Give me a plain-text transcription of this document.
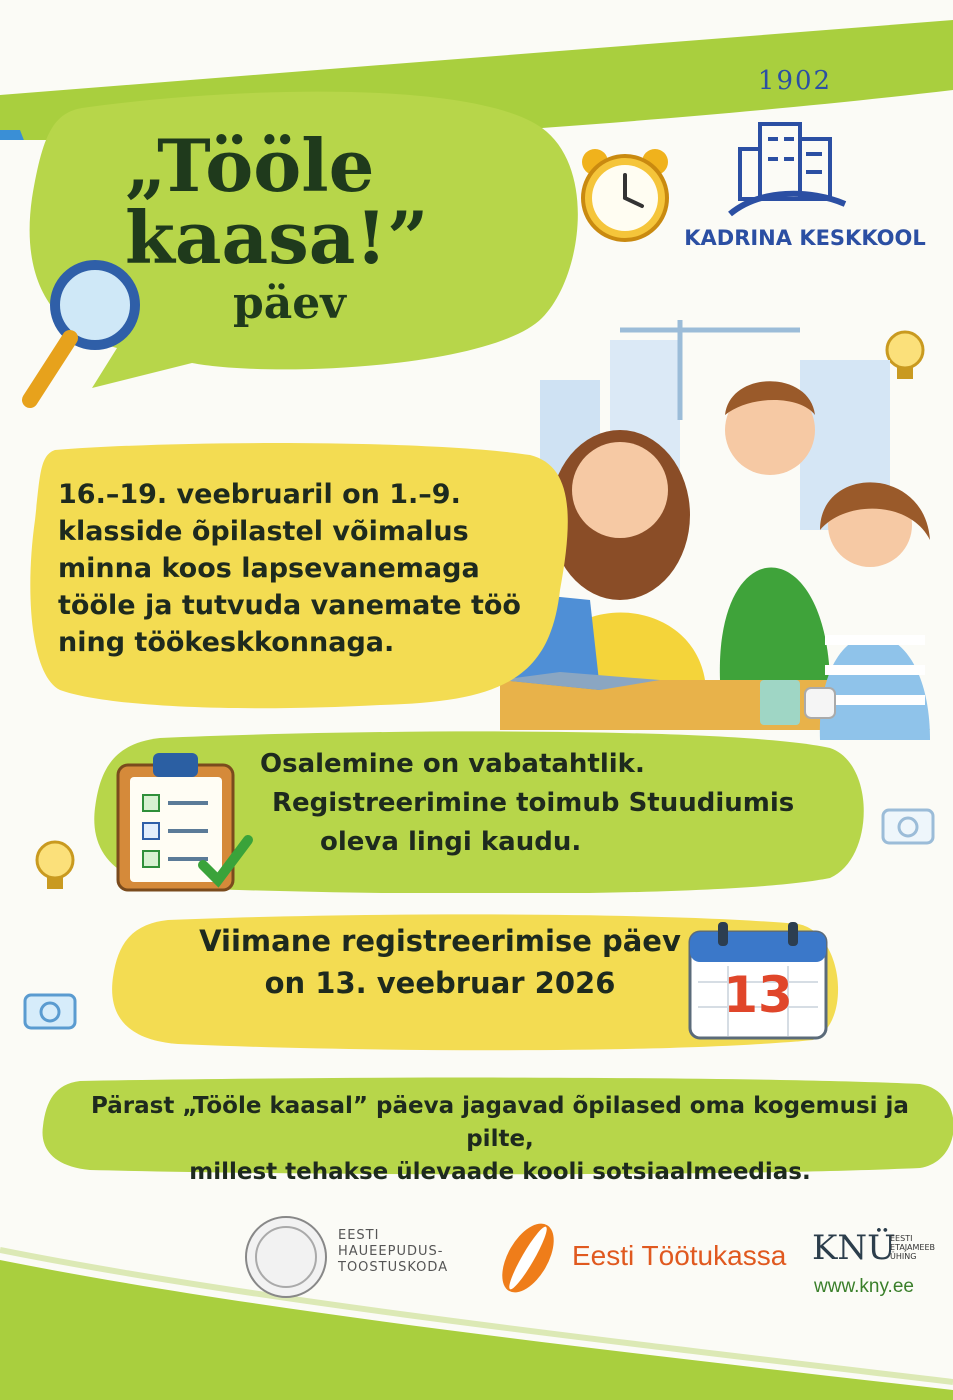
„Tööle
kaasa!”
päev
1902
KADRINA KESKKOOL
16.–19. veebruaril on 1.–9. klasside õpilastel võimalus minna koos lapsevanemaga tööle ja tutvuda vanemate töö ning töökeskkonnaga.
Osalemine on vabatahtlik.
Registreerimine toimub Stuudiumis
oleva lingi kaudu.
Viimane registreerimise päev
on 13. veebruar 2026	13
Pärast „Tööle kaasal” päeva jagavad õpilased oma kogemusi ja pilte,
millest tehakse ülevaade kooli sotsiaalmeedias.
EESTI
HAUEEPUDUS-
TOOSTUSKODA	Eesti Töötukassa KNÜ
EESTI
ETAJAMEEB
ÜHING
www.kny.ee
